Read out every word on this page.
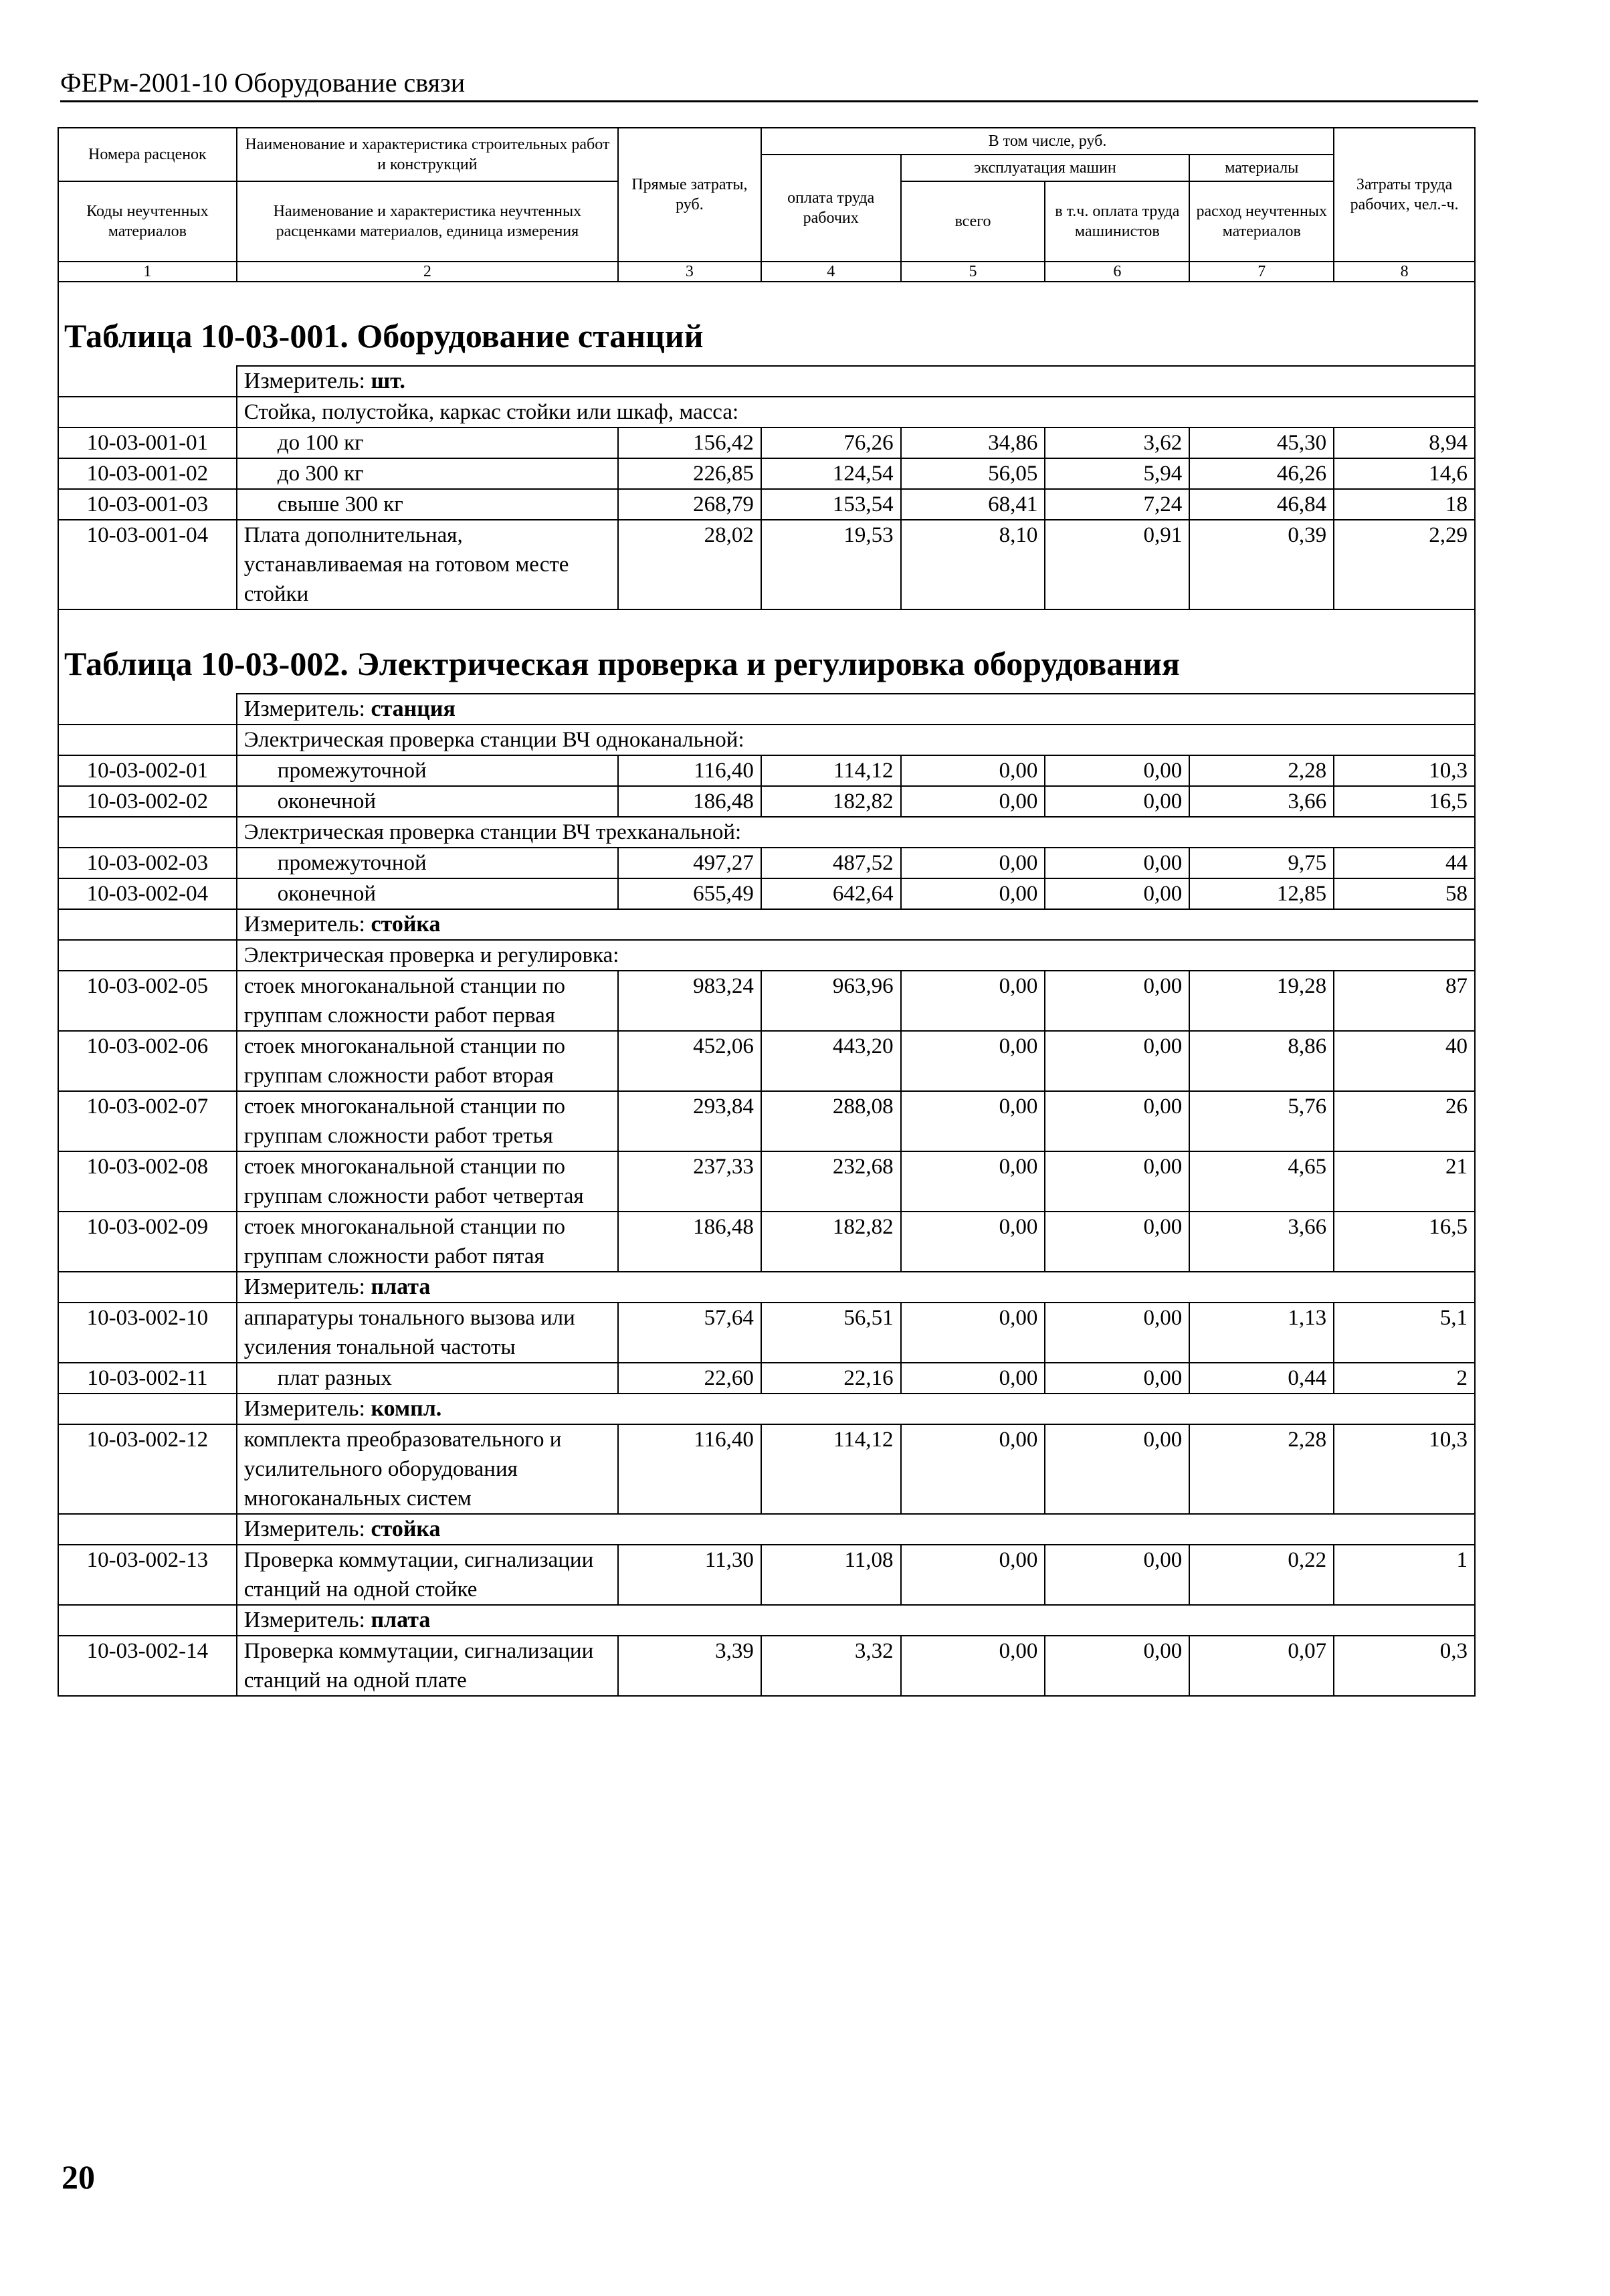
ФЕРм-2001-10 Оборудование связи
Номера расценок	Наименование и характеристика строительных работ и конструкций	Прямые затраты, руб.	В том числе, руб.				Затраты труда рабочих, чел.-ч.
			оплата труда рабочих	эксплуатация машин		материалы	
Коды неучтенных материалов	Наименование и характеристика неучтенных расценками материалов, единица измерения			всего	в т.ч. оплата труда машинистов	расход неучтенных материалов	

1	2	3	4	5	6	7	8
Таблица 10-03-001. Оборудование станций							
	Измеритель: шт.						
	Стойка, полустойка, каркас стойки или шкаф, масса:						
10-03-001-01	до 100 кг	156,42	76,26	34,86	3,62	45,30	8,94
10-03-001-02	до 300 кг	226,85	124,54	56,05	5,94	46,26	14,6
10-03-001-03	свыше 300 кг	268,79	153,54	68,41	7,24	46,84	18
10-03-001-04	Плата дополнительная, устанавливаемая на готовом месте стойки	28,02	19,53	8,10	0,91	0,39	2,29
Таблица 10-03-002. Электрическая проверка и регулировка оборудования							
	Измеритель: станция						
	Электрическая проверка станции ВЧ одноканальной:						
10-03-002-01	промежуточной	116,40	114,12	0,00	0,00	2,28	10,3
10-03-002-02	оконечной	186,48	182,82	0,00	0,00	3,66	16,5
	Электрическая проверка станции ВЧ трехканальной:						
10-03-002-03	промежуточной	497,27	487,52	0,00	0,00	9,75	44
10-03-002-04	оконечной	655,49	642,64	0,00	0,00	12,85	58
	Измеритель: стойка						
	Электрическая проверка и регулировка:						
10-03-002-05	стоек многоканальной станции по группам сложности работ первая	983,24	963,96	0,00	0,00	19,28	87
10-03-002-06	стоек многоканальной станции по группам сложности работ вторая	452,06	443,20	0,00	0,00	8,86	40
10-03-002-07	стоек многоканальной станции по группам сложности работ третья	293,84	288,08	0,00	0,00	5,76	26
10-03-002-08	стоек многоканальной станции по группам сложности работ четвертая	237,33	232,68	0,00	0,00	4,65	21
10-03-002-09	стоек многоканальной станции по группам сложности работ пятая	186,48	182,82	0,00	0,00	3,66	16,5
	Измеритель: плата						
10-03-002-10	аппаратуры тонального вызова или усиления тональной частоты	57,64	56,51	0,00	0,00	1,13	5,1
10-03-002-11	плат разных	22,60	22,16	0,00	0,00	0,44	2
	Измеритель: компл.						
10-03-002-12	комплекта преобразовательного и усилительного оборудования многоканальных систем	116,40	114,12	0,00	0,00	2,28	10,3
	Измеритель: стойка						
10-03-002-13	Проверка коммутации, сигнализации станций на одной стойке	11,30	11,08	0,00	0,00	0,22	1
	Измеритель: плата						
10-03-002-14	Проверка коммутации, сигнализации станций на одной плате	3,39	3,32	0,00	0,00	0,07	0,3
20
